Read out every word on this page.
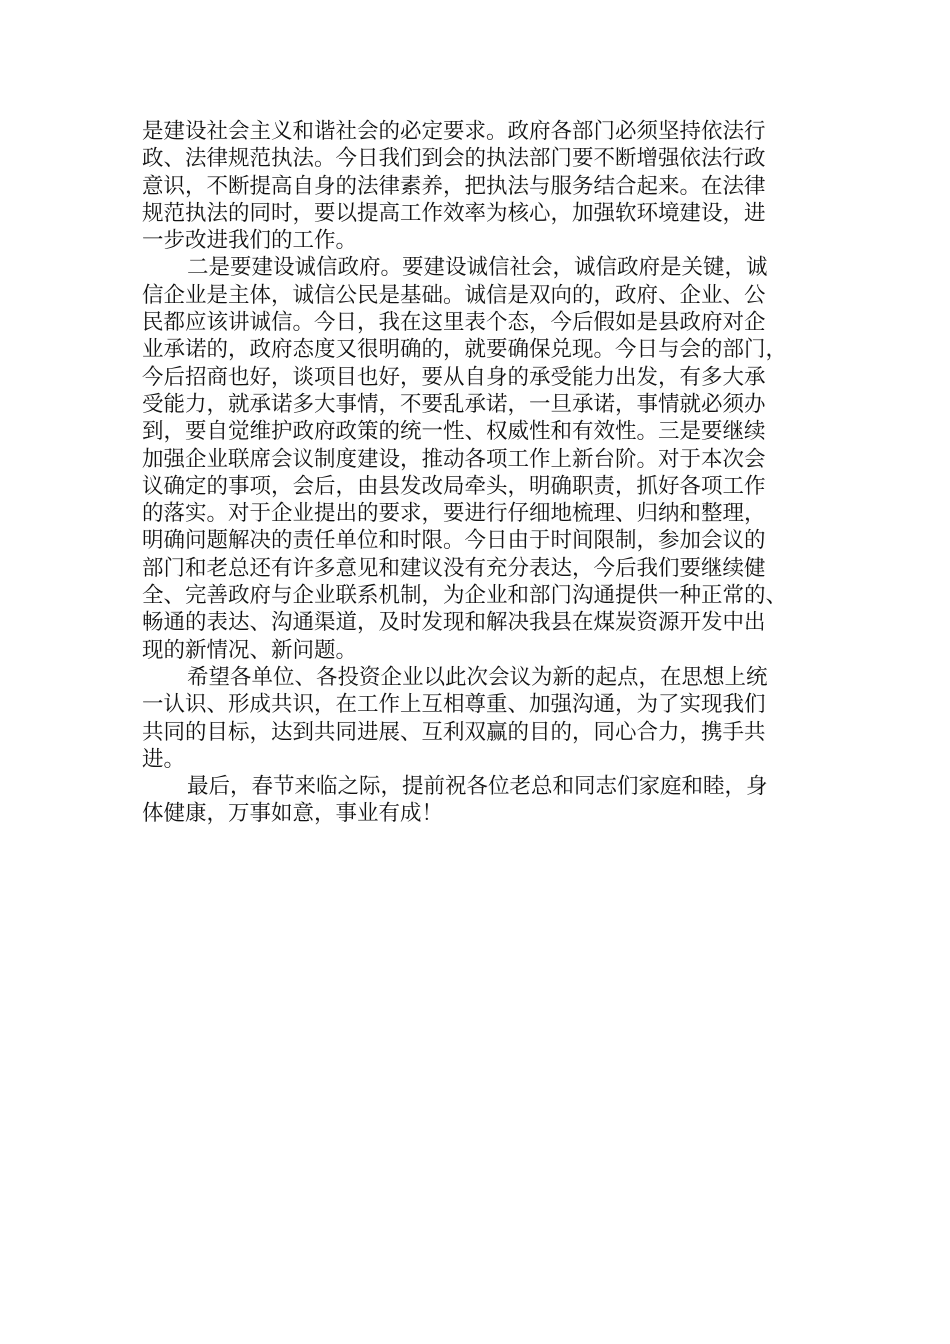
是建设社会主义和谐社会的必定要求。政府各部门必须坚持依法行
政、法律规范执法。今日我们到会的执法部门要不断增强依法行政
意识，不断提高自身的法律素养，把执法与服务结合起来。在法律
规范执法的同时，要以提高工作效率为核心，加强软环境建设，进
一步改进我们的工作。
二是要建设诚信政府。要建设诚信社会，诚信政府是关键，诚
信企业是主体，诚信公民是基础。诚信是双向的，政府、企业、公
民都应该讲诚信。今日，我在这里表个态，今后假如是县政府对企
业承诺的，政府态度又很明确的，就要确保兑现。今日与会的部门，
今后招商也好，谈项目也好，要从自身的承受能力出发，有多大承
受能力，就承诺多大事情，不要乱承诺，一旦承诺，事情就必须办
到，要自觉维护政府政策的统一性、权威性和有效性。三是要继续
加强企业联席会议制度建设，推动各项工作上新台阶。对于本次会
议确定的事项，会后，由县发改局牵头，明确职责，抓好各项工作
的落实。对于企业提出的要求，要进行仔细地梳理、归纳和整理，
明确问题解决的责任单位和时限。今日由于时间限制，参加会议的
部门和老总还有许多意见和建议没有充分表达，今后我们要继续健
全、完善政府与企业联系机制，为企业和部门沟通提供一种正常的、
畅通的表达、沟通渠道，及时发现和解决我县在煤炭资源开发中出
现的新情况、新问题。
希望各单位、各投资企业以此次会议为新的起点，在思想上统
一认识、形成共识，在工作上互相尊重、加强沟通，为了实现我们
共同的目标，达到共同进展、互利双赢的目的，同心合力，携手共
进。
最后，春节来临之际，提前祝各位老总和同志们家庭和睦，身
体健康，万事如意，事业有成！
